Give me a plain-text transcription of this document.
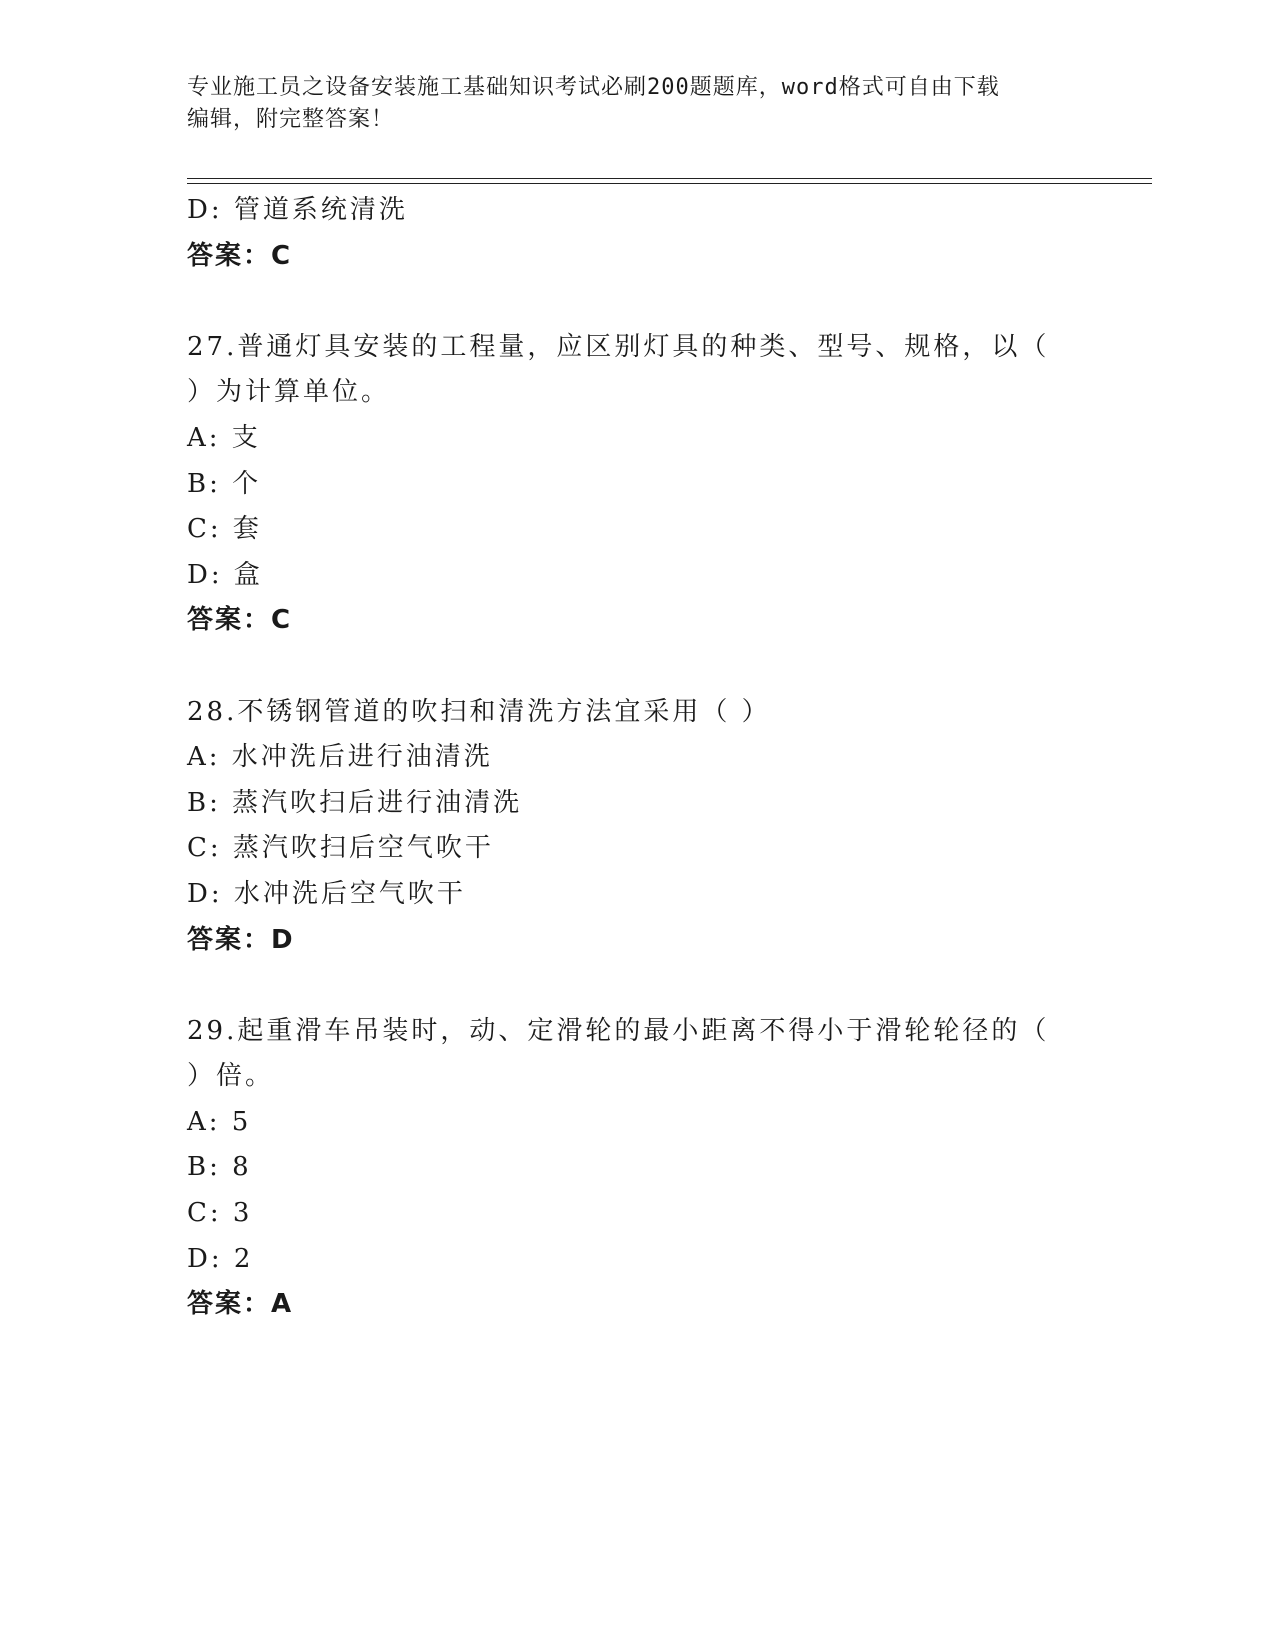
专业施工员之设备安装施工基础知识考试必刷200题题库，word格式可自由下载
编辑，附完整答案！
D: 管道系统清洗
答案：C
27.普通灯具安装的工程量，应区别灯具的种类、型号、规格，以（
）为计算单位。
A: 支
B: 个
C: 套
D: 盒
答案：C
28.不锈钢管道的吹扫和清洗方法宜采用（ ）
A: 水冲洗后进行油清洗
B: 蒸汽吹扫后进行油清洗
C: 蒸汽吹扫后空气吹干
D: 水冲洗后空气吹干
答案：D
29.起重滑车吊装时，动、定滑轮的最小距离不得小于滑轮轮径的（
）倍。
A: 5
B: 8
C: 3
D: 2
答案：A
